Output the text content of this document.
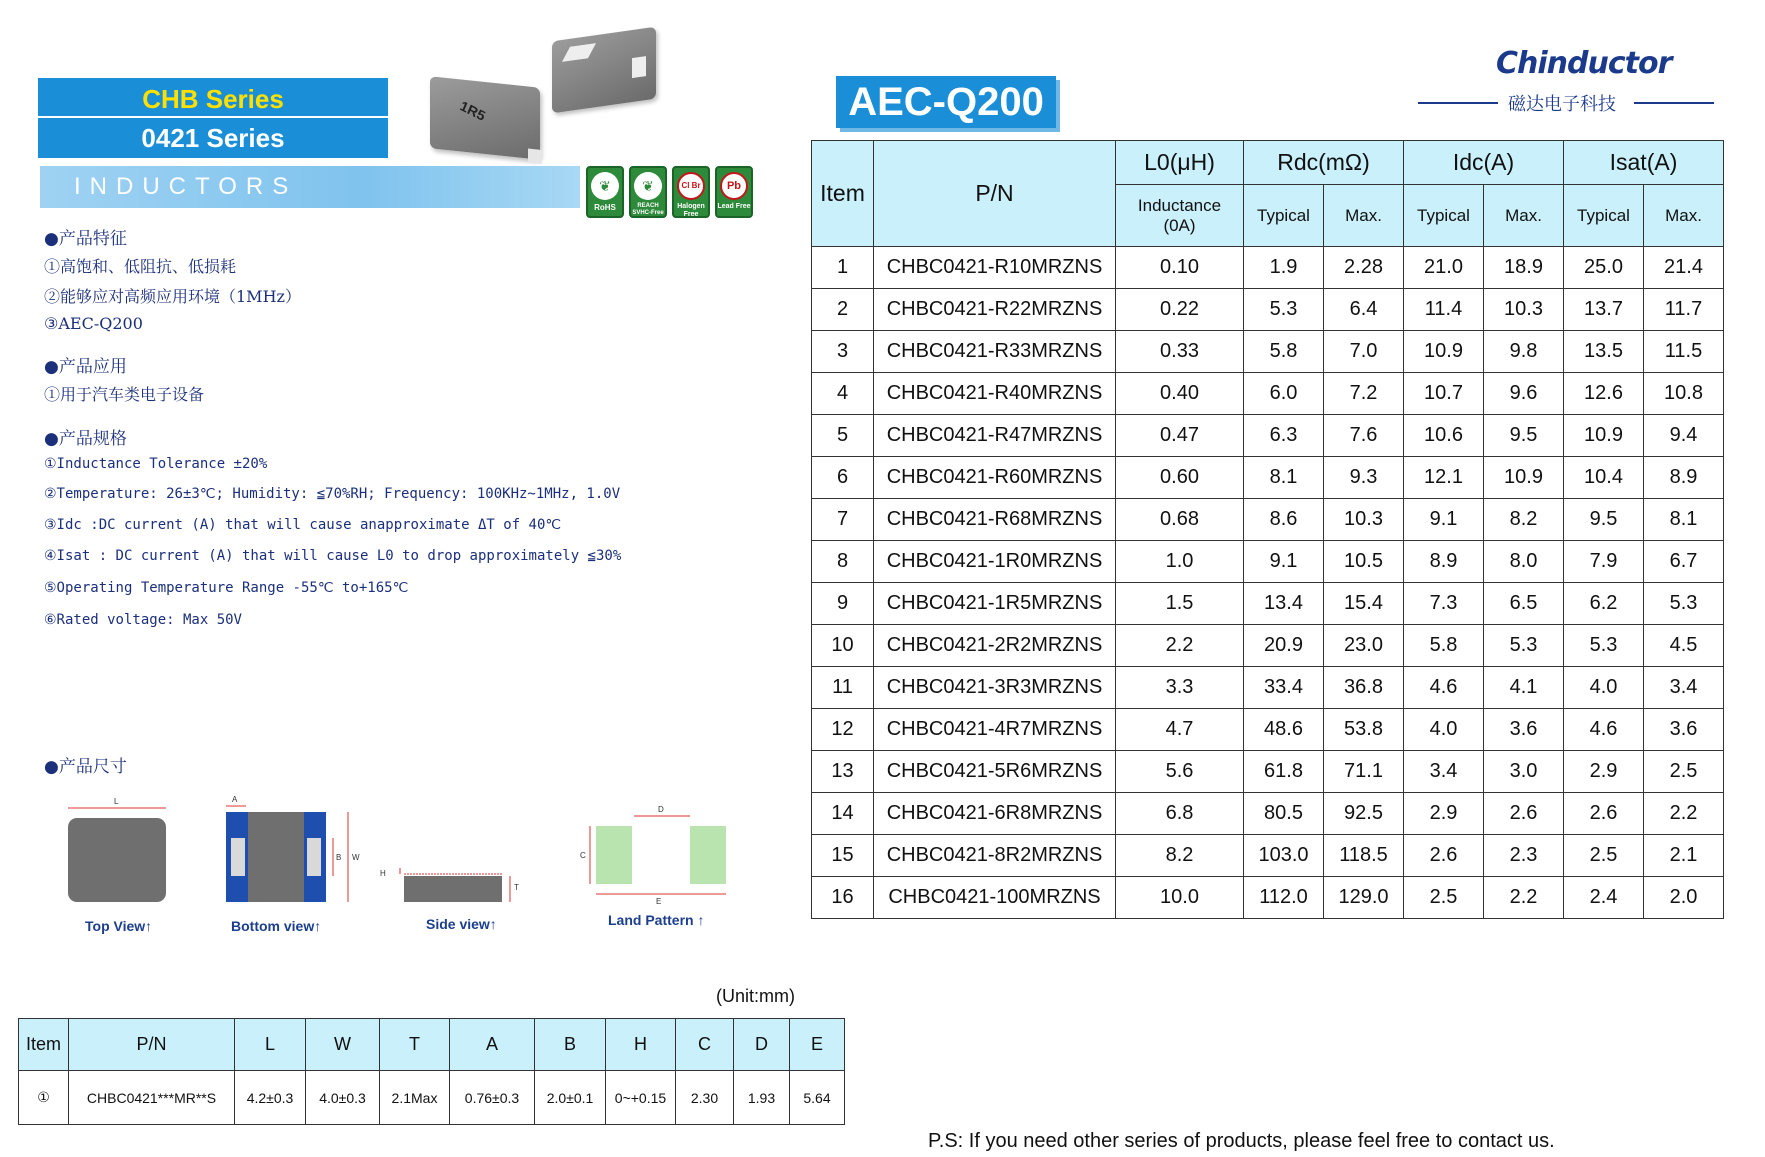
CHB Series
0421 Series
INDUCTORS
1R5
❦
RoHS
❦
REACH SVHC-Free
Cl Br
Halogen Free
Pb
Lead Free
●产品特征
①高饱和、低阻抗、低损耗
②能够应对高频应用环境（1MHz）
③AEC-Q200
●产品应用
①用于汽车类电子设备
●产品规格
①Inductance Tolerance ±20%
②Temperature: 26±3℃; Humidity: ≦70%RH; Frequency: 100KHz~1MHz, 1.0V
③Idc :DC current (A) that will cause anapproximate ΔT of 40℃
④Isat : DC current (A) that will cause L0 to drop approximately ≦30%
⑤Operating Temperature Range -55℃ to+165℃
⑥Rated voltage: Max 50V
●产品尺寸
L	A
B W
H
T
D
C
E
Top View↑	Bottom view↑	Side view↑	Land Pattern ↑
AEC-Q200
Chinductor
磁达电子科技
Item	P/N	L0(μH)	Rdc(mΩ)		Idc(A)		Isat(A)	
		Inductance
(0A)	Typical	Max.	Typical	Max.	Typical	Max.
1	CHBC0421-R10MRZNS	0.10	1.9	2.28	21.0	18.9	25.0	21.4
2	CHBC0421-R22MRZNS	0.22	5.3	6.4	11.4	10.3	13.7	11.7
3	CHBC0421-R33MRZNS	0.33	5.8	7.0	10.9	9.8	13.5	11.5
4	CHBC0421-R40MRZNS	0.40	6.0	7.2	10.7	9.6	12.6	10.8
5	CHBC0421-R47MRZNS	0.47	6.3	7.6	10.6	9.5	10.9	9.4
6	CHBC0421-R60MRZNS	0.60	8.1	9.3	12.1	10.9	10.4	8.9
7	CHBC0421-R68MRZNS	0.68	8.6	10.3	9.1	8.2	9.5	8.1
8	CHBC0421-1R0MRZNS	1.0	9.1	10.5	8.9	8.0	7.9	6.7
9	CHBC0421-1R5MRZNS	1.5	13.4	15.4	7.3	6.5	6.2	5.3
10	CHBC0421-2R2MRZNS	2.2	20.9	23.0	5.8	5.3	5.3	4.5
11	CHBC0421-3R3MRZNS	3.3	33.4	36.8	4.6	4.1	4.0	3.4
12	CHBC0421-4R7MRZNS	4.7	48.6	53.8	4.0	3.6	4.6	3.6
13	CHBC0421-5R6MRZNS	5.6	61.8	71.1	3.4	3.0	2.9	2.5
14	CHBC0421-6R8MRZNS	6.8	80.5	92.5	2.9	2.6	2.6	2.2
15	CHBC0421-8R2MRZNS	8.2	103.0	118.5	2.6	2.3	2.5	2.1
16	CHBC0421-100MRZNS	10.0	112.0	129.0	2.5	2.2	2.4	2.0
(Unit:mm)
Item	P/N	L	W	T	A	B	H	C	D	E
①	CHBC0421***MR**S	4.2±0.3	4.0±0.3	2.1Max	0.76±0.3	2.0±0.1	0~+0.15	2.30	1.93	5.64
P.S: If you need other series of products, please feel free to contact us.
